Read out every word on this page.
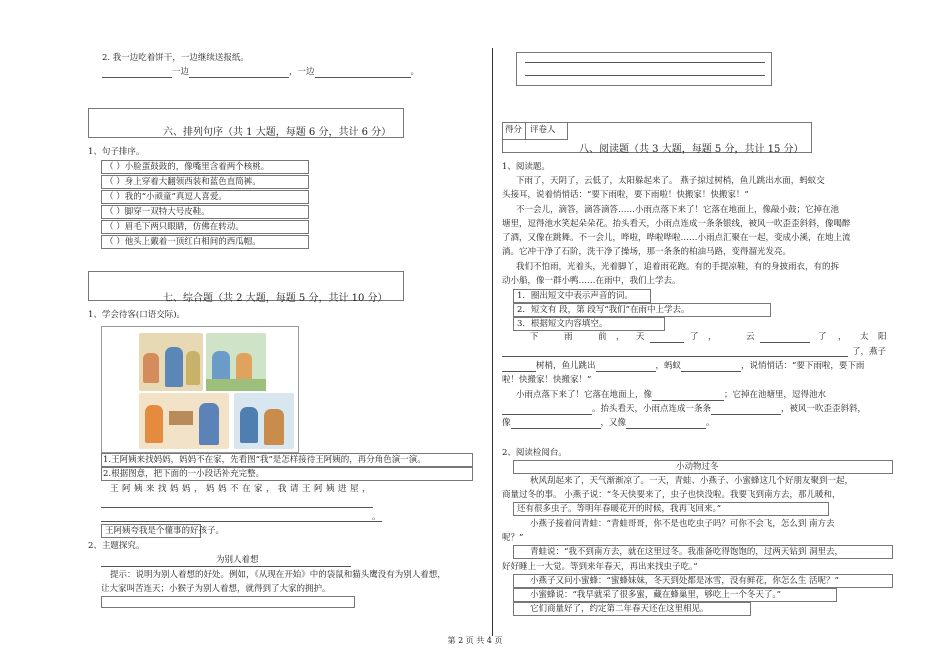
2. 我一边吃着饼干，一边继续送报纸。
一边	，一边	。
六、排列句序（共 1 大题，每题 6 分，共计 6 分）
1、句子排序。
（ ）小脸蛋鼓鼓的，像嘴里含着两个核桃。
（ ）身上穿着大翻领西装和蓝色直筒裤。
（ ）我的“小顽童”真逗人喜爱。
（ ）脚穿一双特大号皮鞋。
（ ）眉毛下两只眼睛，仿佛在转动。
（ ）他头上戴着一顶红白相间的西瓜帽。
七、综合题（共 2 大题，每题 5 分，共计 10 分）
1、学会待客(口语交际)。
1.王阿姨来找妈妈，妈妈不在家，先看图“我”是怎样接待王阿姨的，再分角色演一演。
2.根据图意，把下面的一小段话补充完整。
王 阿 姨 来 找 妈 妈 ， 妈 妈 不 在 家 ， 我 请 王 阿 姨 进 屋 ，
。
王阿姨夸我是个懂事的好孩子。
2、主题探究。
为别人着想
提示：说明为别人着想的好处。例如，《从现在开始》中的袋鼠和猫头鹰没有为别人着想，
让大家叫苦连天；小猴子为别人着想，就得到了大家的拥护。
得分 评卷人
八、阅读题（共 3 大题，每题 5 分，共计 15 分）
1、阅读题。
下雨了，天阴了，云低了，太阳躲起来了。 燕子掠过树梢，鱼儿跳出水面，蚂蚁交
头接耳，说着悄悄话：“要下雨啦，要下雨啦！快搬家！快搬家！”
不一会儿，滴答，滴答滴答……小雨点落下来了！它落在地面上，像敲小鼓；它掉在池
塘里，逗得池水笑起朵朵花。抬头看天，小雨点连成一条条银线，被风一吹歪歪斜斜，像喝醉
了酒，又像在跳舞。不一会儿，哗啦，哗啦哗啦……小雨点汇聚在一起，变成小溪，在地上流
淌。它冲干净了石阶，洗干净了操场，那一条条的柏油马路，变得溜光发亮。
我们不怕雨，光着头，光着脚丫，追着雨花跑。有的手提凉鞋，有的身披雨衣，有的拆
动小船，像一群小鸭……在雨中，我们上学去。
1．圈出短文中表示声音的词。
2．短文有 段，第 段写“我们”在雨中上学去。
3．根据短文内容填空。
下	雨	前 ， 天	了 ，	云	了 ， 太 阳
了，燕子
树梢，鱼儿跳出	，蚂蚁	，说悄悄话：“要下雨啦，要下雨
啦！快搬家！快搬家！”
小雨点落下来了！它落在地面上，像	；它掉在池塘里，逗得池水
。抬头看天，小雨点连成一条条	，被风一吹歪歪斜斜，
像	，又像	。
2、阅读检阅台。
小动物过冬
秋风刮起来了，天气渐渐凉了。一天，青蛙、小燕子、小蜜蜂这几个好朋友聚到一起，
商量过冬的事。 小燕子说：“冬天快要来了，虫子也快没啦。我要飞到南方去，那儿暖和，
还有很多虫子。等明年春暖花开的时候，我再飞回来。”
小燕子接着问青蛙：“青蛙哥哥，你不是也吃虫子吗？可你不会飞，怎么到 南方去
呢？”
青蛙说：“我不到南方去，就在这里过冬。我准备吃得饱饱的，过两天钻到 洞里去，
好好睡上一大觉。等到来年春天，再出来找虫子吃。”
小燕子又问小蜜蜂：“蜜蜂妹妹，冬天到处都是冰雪，没有鲜花，你怎么生 活呢？”
小蜜蜂说：“我早就采了很多蜜，藏在蜂巢里，够吃上一个冬天了。”
它们商量好了，约定第二年春天还在这里相见。
第 2 页 共 4 页
